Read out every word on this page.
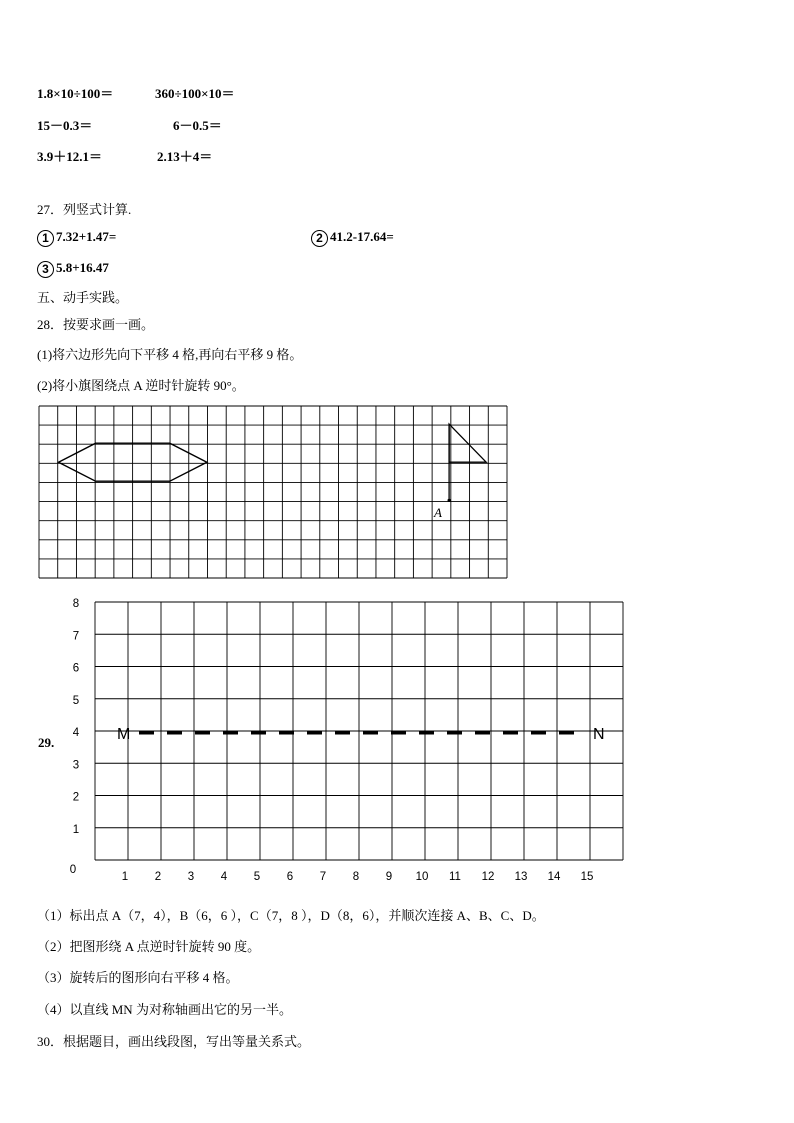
1.8×10÷100＝	360÷100×10＝
15－0.3＝	6－0.5＝
3.9＋12.1＝	2.13＋4＝
27．列竖式计算.
1 7.32+1.47=	2 41.2-17.64=
3 5.8+16.47
五、动手实践。
28．按要求画一画。
(1)将六边形先向下平移 4 格,再向右平移 9 格。
(2)将小旗图绕点 A 逆时针旋转 90°。
A
29.
1 2 3 4 5 6 7 8 9 10 11 12 13 14 15
1
2
3
4
5
6
7
8
0
M	N
（1）标出点 A（7，4），B（6，6 ），C（7，8 ），D（8，6），并顺次连接 A、B、C、D。
（2）把图形绕 A 点逆时针旋转 90 度。
（3）旋转后的图形向右平移 4 格。
（4）以直线 MN 为对称轴画出它的另一半。
30．根据题目，画出线段图，写出等量关系式。
